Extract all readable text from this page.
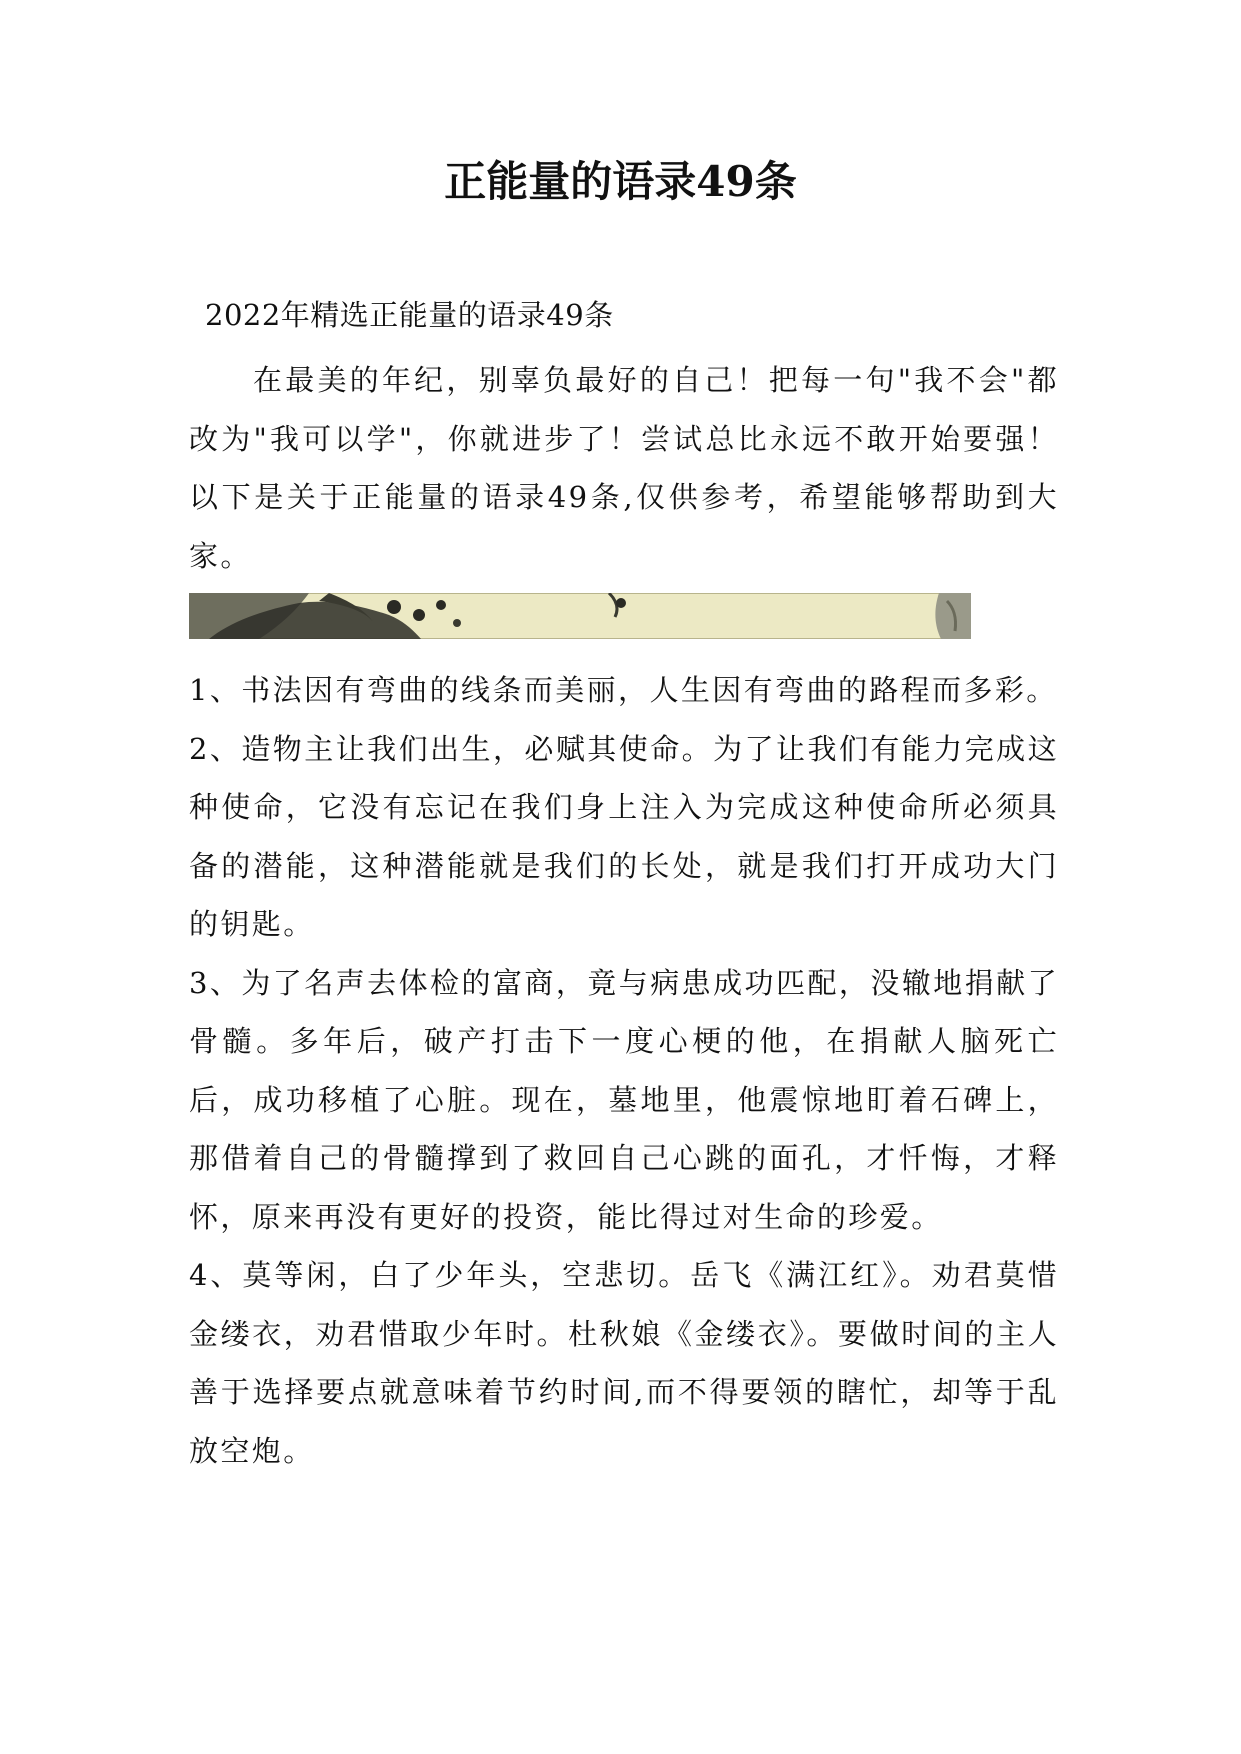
正能量的语录49条
2022年精选正能量的语录49条

在最美的年纪，别辜负最好的自己！把每一句"我不会"都改为"我可以学"，你就进步了！尝试总比永远不敢开始要强！以下是关于正能量的语录49条,仅供参考，希望能够帮助到大家。

1、书法因有弯曲的线条而美丽，人生因有弯曲的路程而多彩。

2、造物主让我们出生，必赋其使命。为了让我们有能力完成这种使命，它没有忘记在我们身上注入为完成这种使命所必须具备的潜能，这种潜能就是我们的长处，就是我们打开成功大门的钥匙。

3、为了名声去体检的富商，竟与病患成功匹配，没辙地捐献了骨髓。多年后，破产打击下一度心梗的他，在捐献人脑死亡后，成功移植了心脏。现在，墓地里，他震惊地盯着石碑上，那借着自己的骨髓撑到了救回自己心跳的面孔，才忏悔，才释怀，原来再没有更好的投资，能比得过对生命的珍爱。

4、莫等闲，白了少年头，空悲切。岳飞《满江红》。劝君莫惜金缕衣，劝君惜取少年时。杜秋娘《金缕衣》。要做时间的主人善于选择要点就意味着节约时间,而不得要领的瞎忙，却等于乱放空炮。
